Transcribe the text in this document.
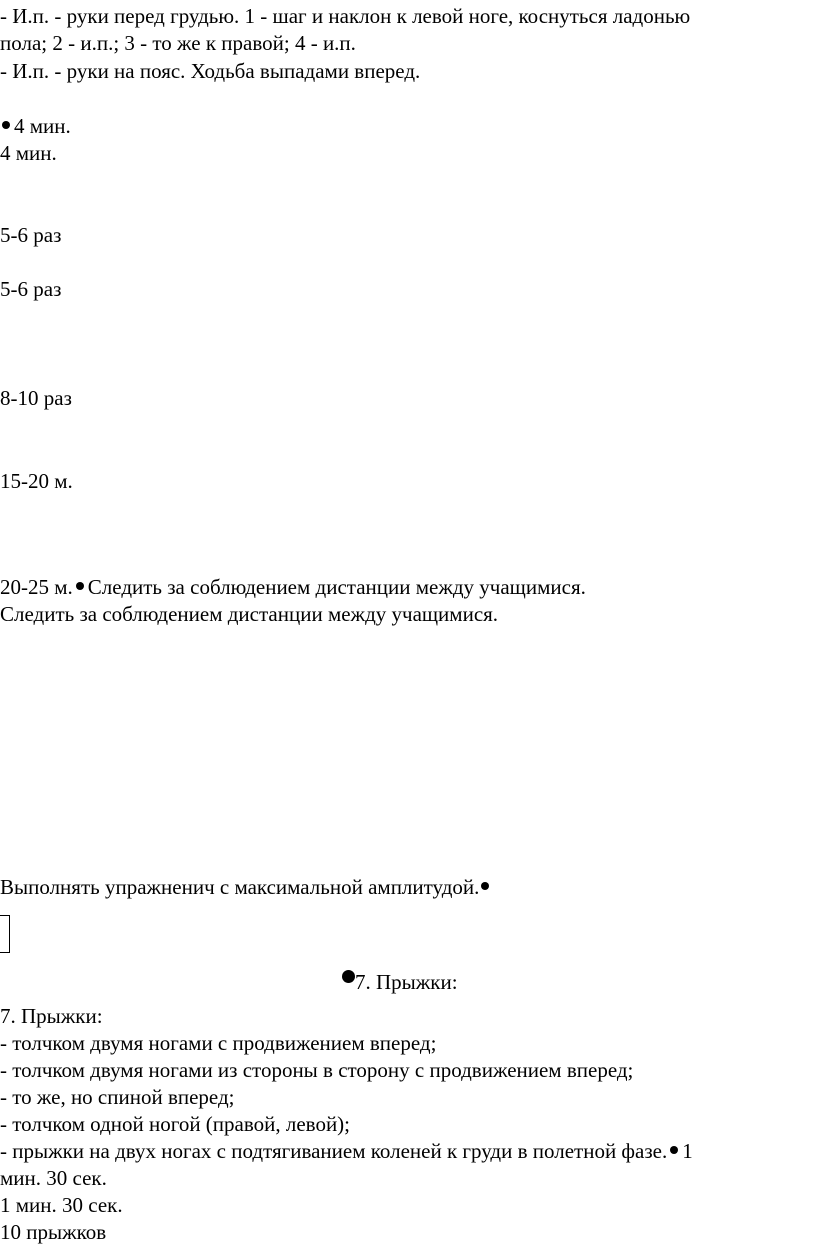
- И.п. - руки перед грудью. 1 - шаг и наклон к левой ноге, коснуться ладонью
пола; 2 - и.п.; 3 - то же к правой; 4 - и.п.
- И.п. - руки на пояс. Ходьба выпадами вперед.
4 мин.
4 мин.
5-6 раз
5-6 раз
8-10 раз
15-20 м.
20-25 м. Следить за соблюдением дистанции между учащимися.
Следить за соблюдением дистанции между учащимися.
Выполнять упражненич с максимальной амплитудой.
7. Прыжки:
7. Прыжки:
- толчком двумя ногами с продвижением вперед;
- толчком двумя ногами из стороны в сторону с продвижением вперед;
- то же, но спиной вперед;
- толчком одной ногой (правой, левой);
- прыжки на двух ногах с подтягиванием коленей к груди в полетной фазе. 1
мин. 30 сек.
1 мин. 30 сек.
10 прыжков
